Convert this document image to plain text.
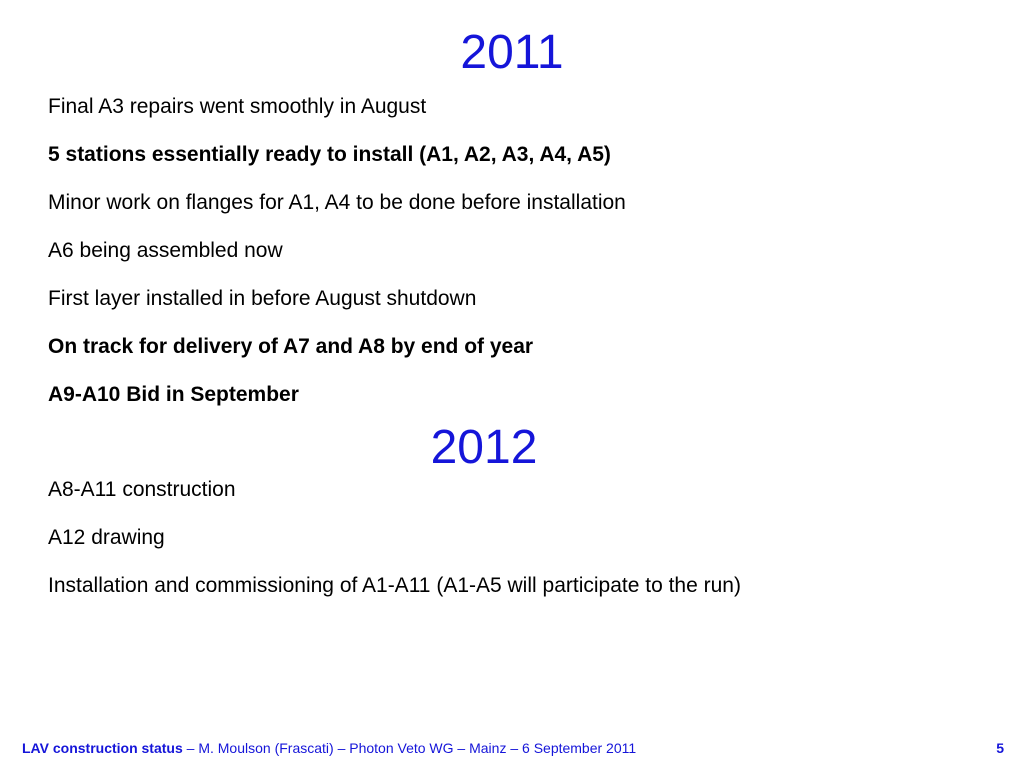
2011
Final A3 repairs went smoothly in August
5 stations essentially ready to install (A1, A2, A3, A4, A5)
Minor work on flanges for A1, A4 to be done before installation
A6 being assembled now
First layer installed in before August shutdown
On track for delivery of A7 and A8 by end of year
A9-A10 Bid in September
2012
A8-A11 construction
A12 drawing
Installation and commissioning of A1-A11 (A1-A5 will participate to the run)
LAV construction status – M. Moulson (Frascati) – Photon Veto WG – Mainz – 6 September 2011	5
